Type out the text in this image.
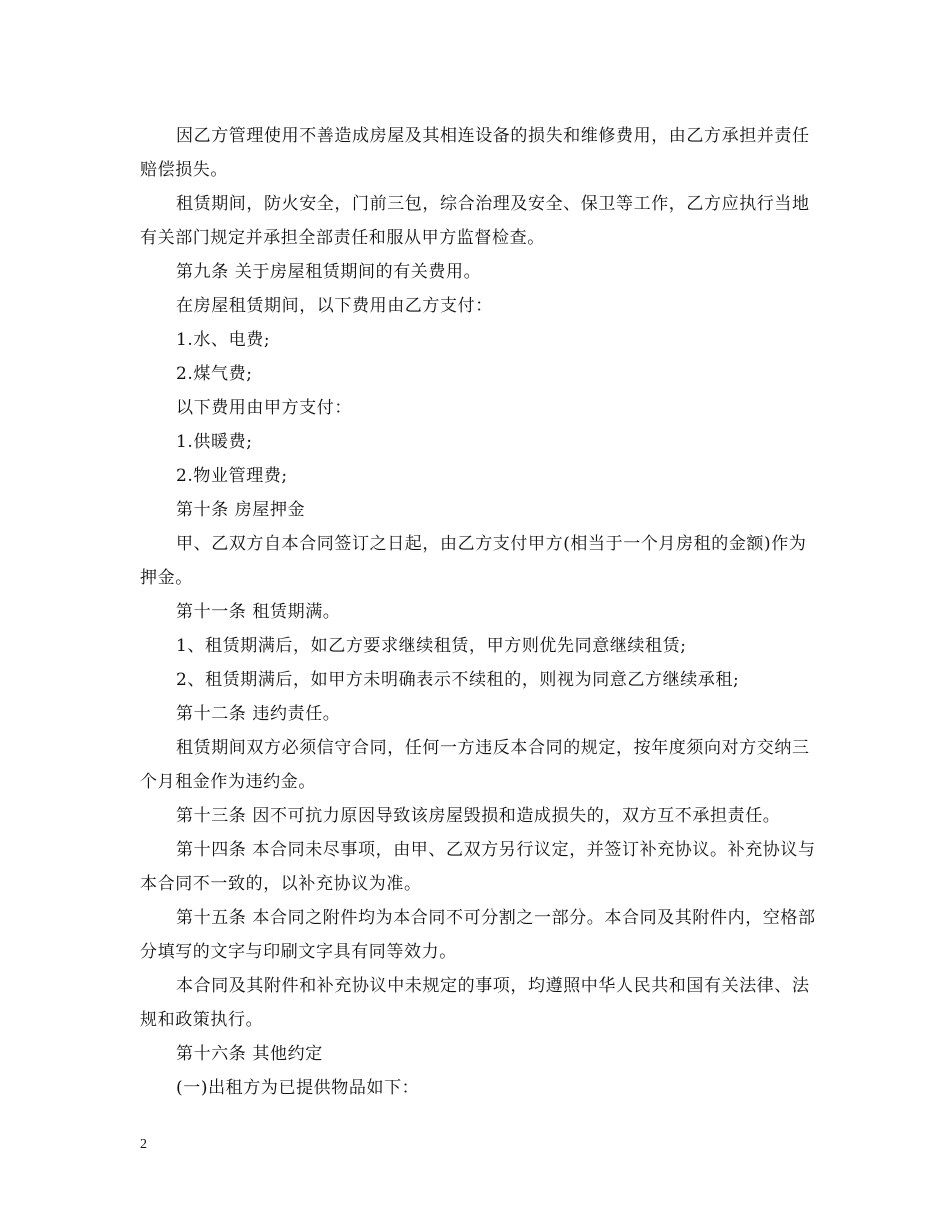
因乙方管理使用不善造成房屋及其相连设备的损失和维修费用，由乙方承担并责任赔偿损失。

租赁期间，防火安全，门前三包，综合治理及安全、保卫等工作，乙方应执行当地有关部门规定并承担全部责任和服从甲方监督检查。

第九条 关于房屋租赁期间的有关费用。

在房屋租赁期间，以下费用由乙方支付：

1.水、电费;

2.煤气费;

以下费用由甲方支付：

1.供暖费;

2.物业管理费;

第十条 房屋押金

甲、乙双方自本合同签订之日起，由乙方支付甲方(相当于一个月房租的金额)作为押金。

第十一条 租赁期满。

1、租赁期满后，如乙方要求继续租赁，甲方则优先同意继续租赁;

2、租赁期满后，如甲方未明确表示不续租的，则视为同意乙方继续承租;

第十二条 违约责任。

租赁期间双方必须信守合同，任何一方违反本合同的规定，按年度须向对方交纳三个月租金作为违约金。

第十三条 因不可抗力原因导致该房屋毁损和造成损失的，双方互不承担责任。

第十四条 本合同未尽事项，由甲、乙双方另行议定，并签订补充协议。补充协议与本合同不一致的，以补充协议为准。

第十五条 本合同之附件均为本合同不可分割之一部分。本合同及其附件内，空格部分填写的文字与印刷文字具有同等效力。

本合同及其附件和补充协议中未规定的事项，均遵照中华人民共和国有关法律、法规和政策执行。

第十六条 其他约定

(一)出租方为已提供物品如下：

2
